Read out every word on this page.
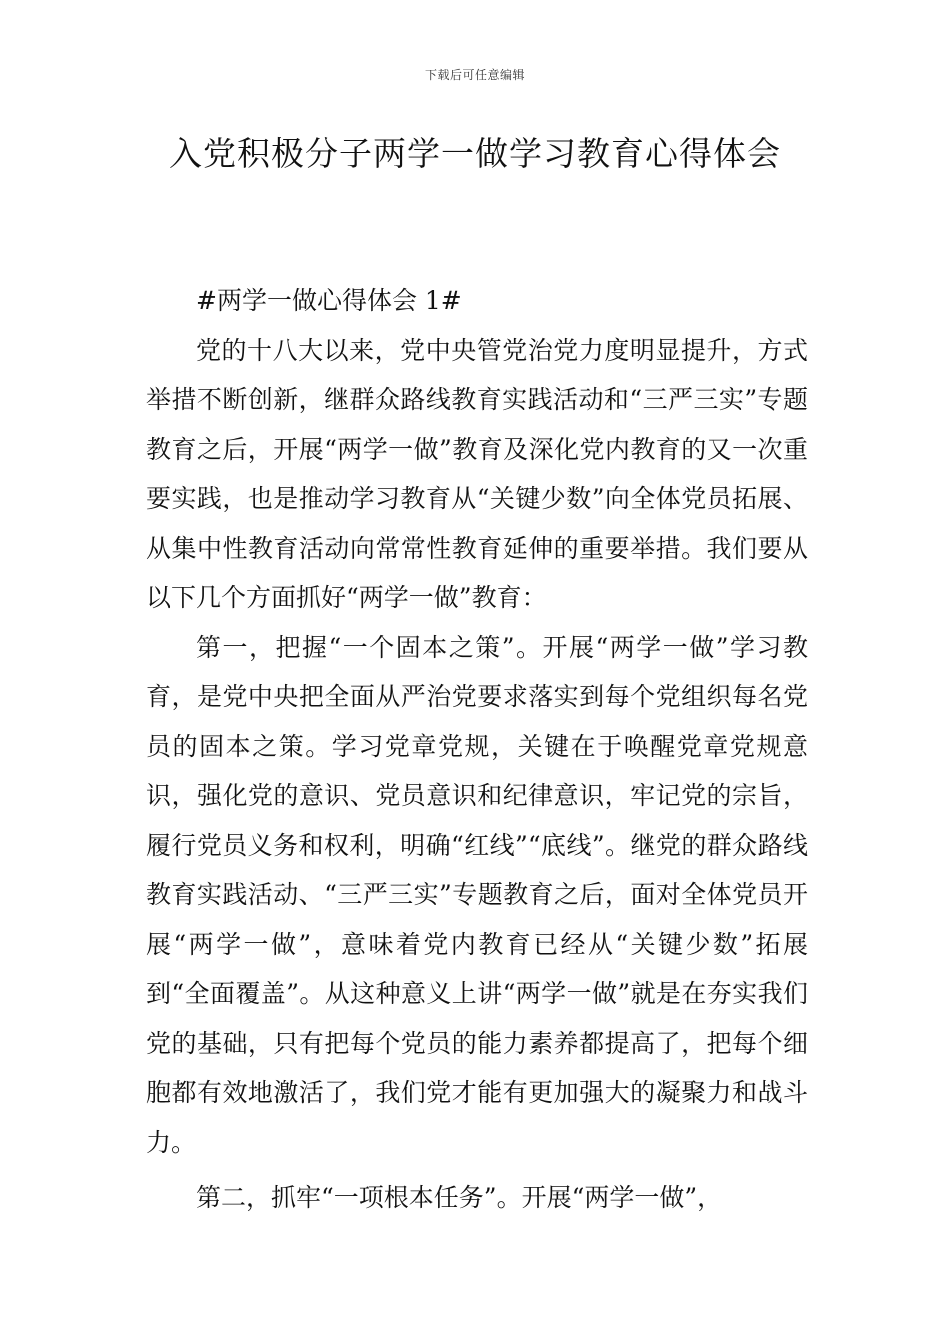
下载后可任意编辑
入党积极分子两学一做学习教育心得体会

#两学一做心得体会 1#

党的十八大以来，党中央管党治党力度明显提升，方式举措不断创新，继群众路线教育实践活动和“三严三实”专题教育之后，开展“两学一做”教育及深化党内教育的又一次重要实践，也是推动学习教育从“关键少数”向全体党员拓展、从集中性教育活动向常常性教育延伸的重要举措。我们要从以下几个方面抓好“两学一做”教育：

第一，把握“一个固本之策”。开展“两学一做”学习教育，是党中央把全面从严治党要求落实到每个党组织每名党员的固本之策。学习党章党规，关键在于唤醒党章党规意识，强化党的意识、党员意识和纪律意识，牢记党的宗旨，履行党员义务和权利，明确“红线”“底线”。继党的群众路线教育实践活动、“三严三实”专题教育之后，面对全体党员开展“两学一做”，意味着党内教育已经从“关键少数”拓展到“全面覆盖”。从这种意义上讲“两学一做”就是在夯实我们党的基础，只有把每个党员的能力素养都提高了，把每个细胞都有效地激活了，我们党才能有更加强大的凝聚力和战斗力。

第二，抓牢“一项根本任务”。开展“两学一做”，
